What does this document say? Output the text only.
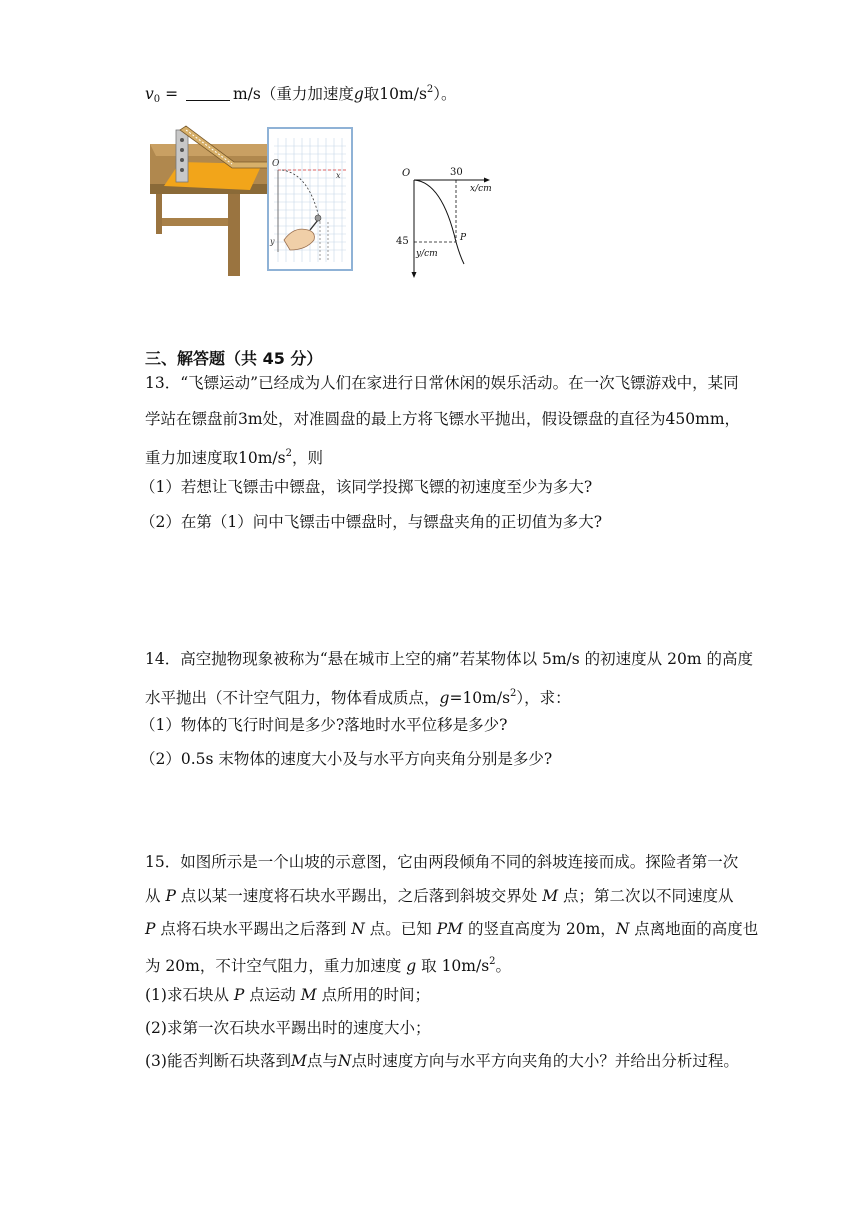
$v_0$ =	m/s（重力加速度g取$10m/s^2$）。
O
x
y
O	30
x/cm
45
y/cm
P
三、解答题（共 45 分）
13．“飞镖运动”已经成为人们在家进行日常休闲的娱乐活动。在一次飞镖游戏中，某同
学站在镖盘前3m处，对准圆盘的最上方将飞镖水平抛出，假设镖盘的直径为450mm，
重力加速度取$10m/s^2$，则
（1）若想让飞镖击中镖盘，该同学投掷飞镖的初速度至少为多大?
（2）在第（1）问中飞镖击中镖盘时，与镖盘夹角的正切值为多大?
14．高空抛物现象被称为“悬在城市上空的痛”若某物体以 5m/s 的初速度从 20m 的高度
水平抛出（不计空气阻力，物体看成质点，$g=10m/s^2$），求：
（1）物体的飞行时间是多少?落地时水平位移是多少?
（2）0.5s 末物体的速度大小及与水平方向夹角分别是多少?
15．如图所示是一个山坡的示意图，它由两段倾角不同的斜坡连接而成。探险者第一次
从 P 点以某一速度将石块水平踢出，之后落到斜坡交界处 M 点；第二次以不同速度从
P 点将石块水平踢出之后落到 N 点。已知 PM 的竖直高度为 20m，N 点离地面的高度也
为 20m，不计空气阻力，重力加速度 g 取 $10m/s^2$。
(1)求石块从 P 点运动 M 点所用的时间；
(2)求第一次石块水平踢出时的速度大小；
(3)能否判断石块落到M点与N点时速度方向与水平方向夹角的大小？并给出分析过程。
